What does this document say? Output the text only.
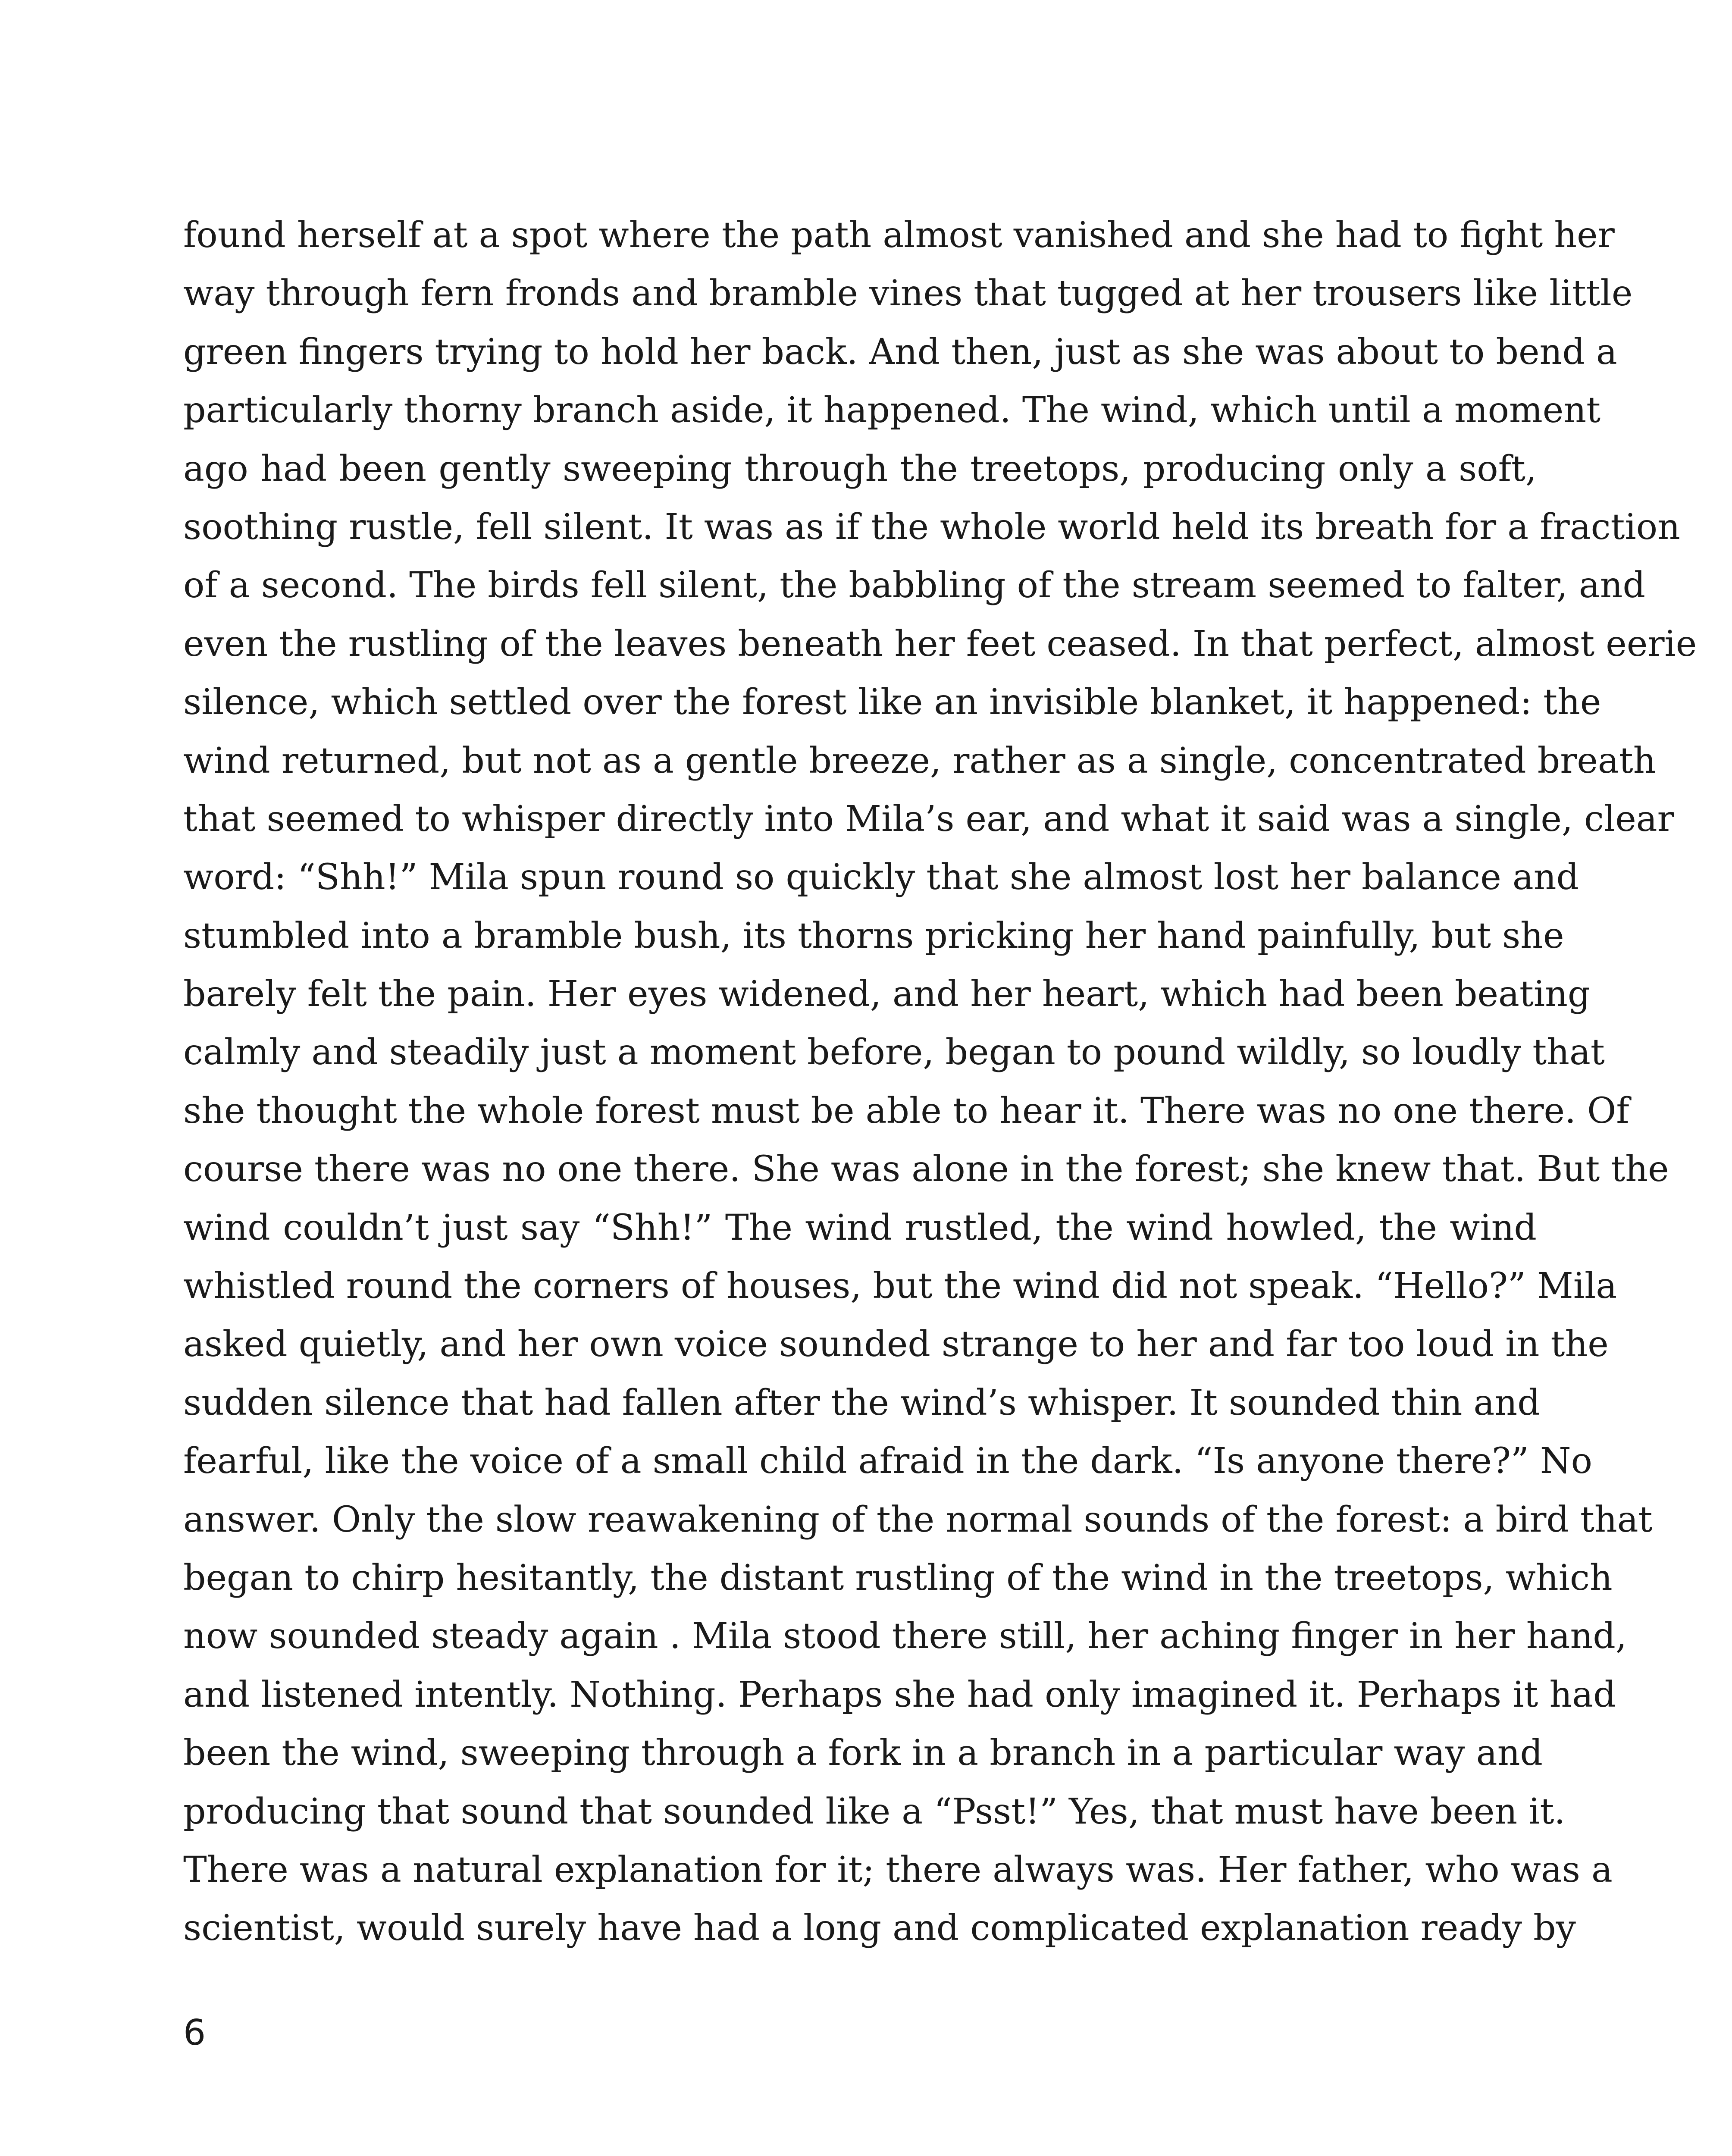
found herself at a spot where the path almost vanished and she had to fight her
way through fern fronds and bramble vines that tugged at her trousers like little
green fingers trying to hold her back. And then, just as she was about to bend a
particularly thorny branch aside, it happened. The wind, which until a moment
ago had been gently sweeping through the treetops, producing only a soft,
soothing rustle, fell silent. It was as if the whole world held its breath for a fraction
of a second. The birds fell silent, the babbling of the stream seemed to falter, and
even the rustling of the leaves beneath her feet ceased. In that perfect, almost eerie
silence, which settled over the forest like an invisible blanket, it happened: the
wind returned, but not as a gentle breeze, rather as a single, concentrated breath
that seemed to whisper directly into Mila’s ear, and what it said was a single, clear
word: “Shh!” Mila spun round so quickly that she almost lost her balance and
stumbled into a bramble bush, its thorns pricking her hand painfully, but she
barely felt the pain. Her eyes widened, and her heart, which had been beating
calmly and steadily just a moment before, began to pound wildly, so loudly that
she thought the whole forest must be able to hear it. There was no one there. Of
course there was no one there. She was alone in the forest; she knew that. But the
wind couldn’t just say “Shh!” The wind rustled, the wind howled, the wind
whistled round the corners of houses, but the wind did not speak. “Hello?” Mila
asked quietly, and her own voice sounded strange to her and far too loud in the
sudden silence that had fallen after the wind’s whisper. It sounded thin and
fearful, like the voice of a small child afraid in the dark. “Is anyone there?” No
answer. Only the slow reawakening of the normal sounds of the forest: a bird that
began to chirp hesitantly, the distant rustling of the wind in the treetops, which
now sounded steady again . Mila stood there still, her aching finger in her hand,
and listened intently. Nothing. Perhaps she had only imagined it. Perhaps it had
been the wind, sweeping through a fork in a branch in a particular way and
producing that sound that sounded like a “Psst!” Yes, that must have been it.
There was a natural explanation for it; there always was. Her father, who was a
scientist, would surely have had a long and complicated explanation ready by
6
